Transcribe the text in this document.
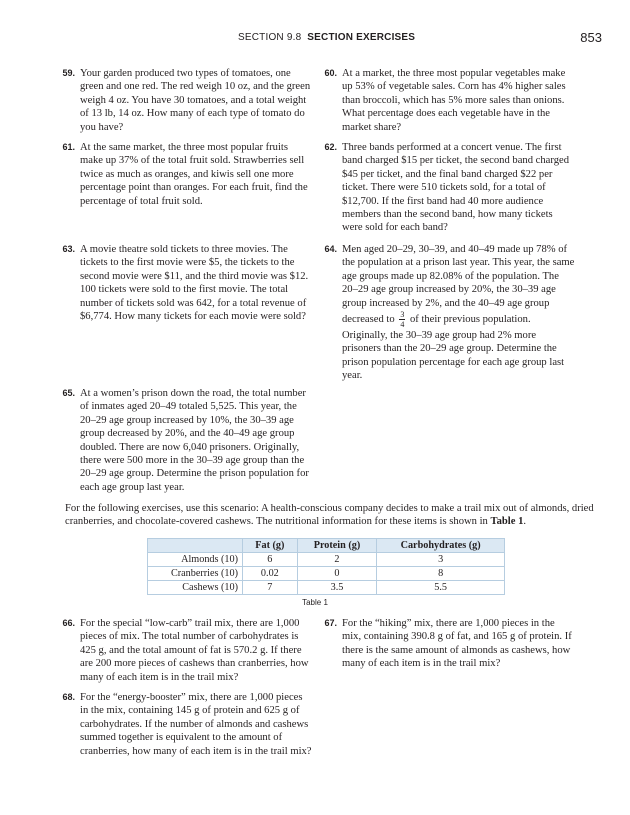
SECTION 9.8 SECTION EXERCISES	853
59. Your garden produced two types of tomatoes, one green and one red. The red weigh 10 oz, and the green weigh 4 oz. You have 30 tomatoes, and a total weight of 13 lb, 14 oz. How many of each type of tomato do you have?
60. At a market, the three most popular vegetables make up 53% of vegetable sales. Corn has 4% higher sales than broccoli, which has 5% more sales than onions. What percentage does each vegetable have in the market share?
61. At the same market, the three most popular fruits make up 37% of the total fruit sold. Strawberries sell twice as much as oranges, and kiwis sell one more percentage point than oranges. For each fruit, find the percentage of total fruit sold.
62. Three bands performed at a concert venue. The first band charged $15 per ticket, the second band charged $45 per ticket, and the final band charged $22 per ticket. There were 510 tickets sold, for a total of $12,700. If the first band had 40 more audience members than the second band, how many tickets were sold for each band?
63. A movie theatre sold tickets to three movies. The tickets to the first movie were $5, the tickets to the second movie were $11, and the third movie was $12. 100 tickets were sold to the first movie. The total number of tickets sold was 642, for a total revenue of $6,774. How many tickets for each movie were sold?
64. Men aged 20–29, 30–39, and 40–49 made up 78% of the population at a prison last year. This year, the same age groups made up 82.08% of the population. The 20–29 age group increased by 20%, the 30–39 age group increased by 2%, and the 40–49 age group decreased to $\frac{3}{4}$ of their previous population. Originally, the 30–39 age group had 2% more prisoners than the 20–29 age group. Determine the prison population percentage for each age group last year.
65. At a women’s prison down the road, the total number of inmates aged 20–49 totaled 5,525. This year, the 20–29 age group increased by 10%, the 30–39 age group decreased by 20%, and the 40–49 age group doubled. There are now 6,040 prisoners. Originally, there were 500 more in the 30–39 age group than the 20–29 age group. Determine the prison population for each age group last year.
For the following exercises, use this scenario: A health-conscious company decides to make a trail mix out of almonds, dried cranberries, and chocolate-covered cashews. The nutritional information for these items is shown in Table 1.
	Fat (g)	Protein (g)	Carbohydrates (g)
Almonds (10)	6	2	3
Cranberries (10)	0.02	0	8
Cashews (10)	7	3.5	5.5
Table 1
66. For the special “low-carb” trail mix, there are 1,000 pieces of mix. The total number of carbohydrates is 425 g, and the total amount of fat is 570.2 g. If there are 200 more pieces of cashews than cranberries, how many of each item is in the trail mix?
67. For the “hiking” mix, there are 1,000 pieces in the mix, containing 390.8 g of fat, and 165 g of protein. If there is the same amount of almonds as cashews, how many of each item is in the trail mix?
68. For the “energy-booster” mix, there are 1,000 pieces in the mix, containing 145 g of protein and 625 g of carbohydrates. If the number of almonds and cashews summed together is equivalent to the amount of cranberries, how many of each item is in the trail mix?
